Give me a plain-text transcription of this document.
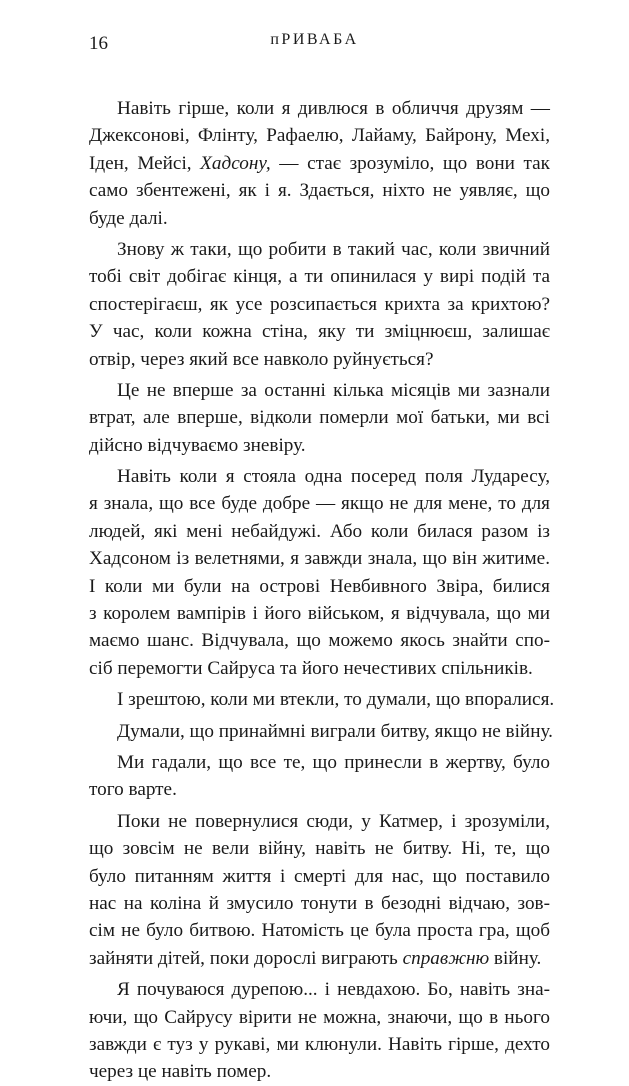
16	пРИВАБА
Навіть гірше, коли я дивлюся в обличчя друзям —
Джексонові, Флінту, Рафаелю, Лайаму, Байрону, Мехі,
Іден, Мейсі, Хадсону, — стає зрозуміло, що вони так
само збентежені, як і я. Здається, ніхто не уявляє, що
буде далі.
Знову ж таки, що робити в такий час, коли звичний
тобі світ добігає кінця, а ти опинилася у вирі подій та
спостерігаєш, як усе розсипається крихта за крихтою?
У час, коли кожна стіна, яку ти зміцнюєш, залишає
отвір, через який все навколо руйнується?
Це не вперше за останні кілька місяців ми зазнали
втрат, але вперше, відколи померли мої батьки, ми всі
дійсно відчуваємо зневіру.
Навіть коли я стояла одна посеред поля Лударесу,
я знала, що все буде добре — якщо не для мене, то для
людей, які мені небайдужі. Або коли билася разом із
Хадсоном із велетнями, я завжди знала, що він житиме.
І коли ми були на острові Невбивного Звіра, билися
з королем вампірів і його військом, я відчувала, що ми
маємо шанс. Відчувала, що можемо якось знайти спо-
сіб перемогти Сайруса та його нечестивих спільників.
І зрештою, коли ми втекли, то думали, що впоралися.
Думали, що принаймні виграли битву, якщо не війну.
Ми гадали, що все те, що принесли в жертву, було
того варте.
Поки не повернулися сюди, у Катмер, і зрозуміли,
що зовсім не вели війну, навіть не битву. Ні, те, що
було питанням життя і смерті для нас, що поставило
нас на коліна й змусило тонути в безодні відчаю, зов-
сім не було битвою. Натомість це була проста гра, щоб
зайняти дітей, поки дорослі виграють справжню війну.
Я почуваюся дурепою... і невдахою. Бо, навіть зна-
ючи, що Сайрусу вірити не можна, знаючи, що в нього
завжди є туз у рукаві, ми клюнули. Навіть гірше, дехто
через це навіть помер.
